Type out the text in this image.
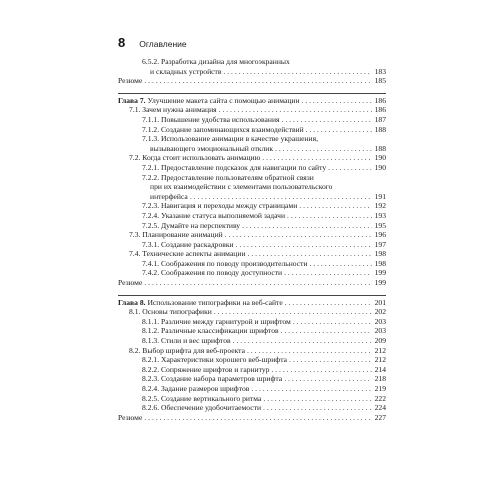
8 Оглавление
6.5.2. Разработка дизайна для многоэкранных
и складных устройств . . .	183
Резюме . . .	185
Глава 7. Улучшение макета сайта с помощью анимации . . .	186
7.1. Зачем нужна анимация . . .	186
7.1.1. Повышение удобства использования . . .	187
7.1.2. Создание запоминающихся взаимодействий . . .	188
7.1.3. Использование анимации в качестве украшения,
вызывающего эмоциональный отклик . . .	188
7.2. Когда стоит использовать анимацию . . .	190
7.2.1. Предоставление подсказок для навигации по сайту . . .	190
7.2.2. Предоставление пользователям обратной связи
при их взаимодействии с элементами пользовательского
интерфейса . . .	191
7.2.3. Навигация и переходы между страницами . . .	192
7.2.4. Указание статуса выполняемой задачи . . .	193
7.2.5. Думайте на перспективу . . .	195
7.3. Планирование анимаций . . .	196
7.3.1. Создание раскадровки . . .	197
7.4. Технические аспекты анимации . . .	198
7.4.1. Соображения по поводу производительности . . .	198
7.4.2. Соображения по поводу доступности . . .	199
Резюме . . .	199
Глава 8. Использование типографики на веб-сайте . . .	201
8.1. Основы типографики . . .	202
8.1.1. Различие между гарнитурой и шрифтом . . .	203
8.1.2. Различные классификации шрифтов . . .	203
8.1.3. Стили и вес шрифтов . . .	209
8.2. Выбор шрифта для веб-проекта . . .	212
8.2.1. Характеристики хорошего веб-шрифта . . .	212
8.2.2. Сопряжение шрифтов и гарнитур . . .	214
8.2.3. Создание набора параметров шрифта . . .	218
8.2.4. Задание размеров шрифтов . . .	219
8.2.5. Создание вертикального ритма . . .	222
8.2.6. Обеспечение удобочитаемости . . .	224
Резюме . . .	227
